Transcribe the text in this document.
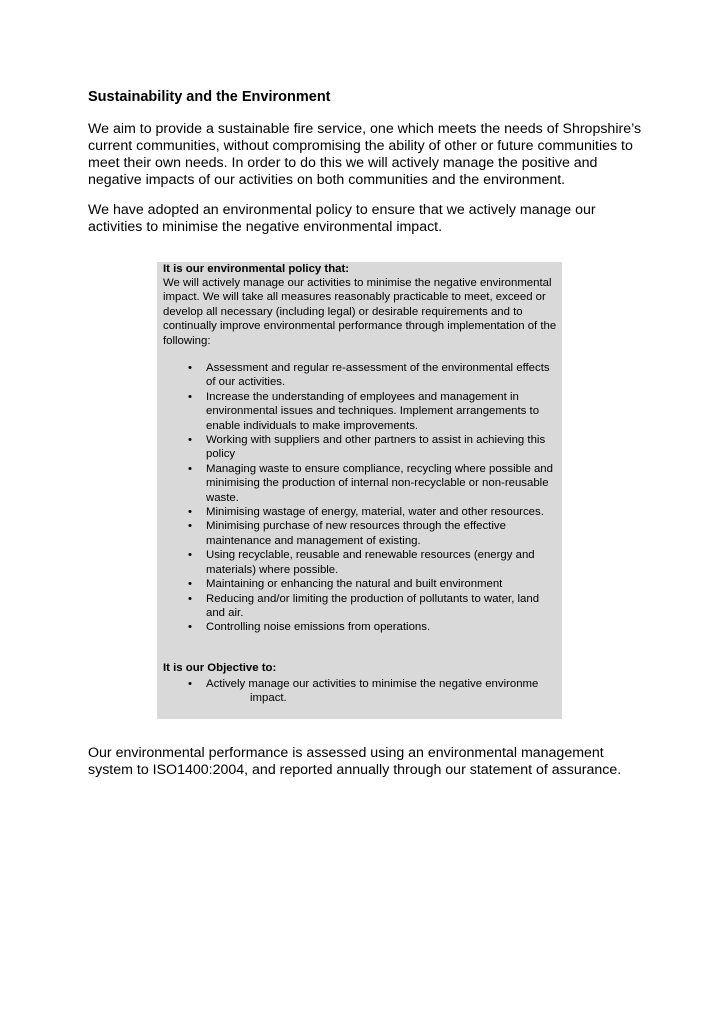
Sustainability and the Environment

We aim to provide a sustainable fire service, one which meets the needs of Shropshire’s current communities, without compromising the ability of other or future communities to meet their own needs. In order to do this we will actively manage the positive and negative impacts of our activities on both communities and the environment.

We have adopted an environmental policy to ensure that we actively manage our activities to minimise the negative environmental impact.

It is our environmental policy that:

We will actively manage our activities to minimise the negative environmental impact. We will take all measures reasonably practicable to meet, exceed or develop all necessary (including legal) or desirable requirements and to continually improve environmental performance through implementation of the following:

• Assessment and regular re-assessment of the environmental effects of our activities.
• Increase the understanding of employees and management in environmental issues and techniques. Implement arrangements to enable individuals to make improvements.
• Working with suppliers and other partners to assist in achieving this policy
• Managing waste to ensure compliance, recycling where possible and minimising the production of internal non-recyclable or non-reusable waste.
• Minimising wastage of energy, material, water and other resources.
• Minimising purchase of new resources through the effective maintenance and management of existing.
• Using recyclable, reusable and renewable resources (energy and materials) where possible.
• Maintaining or enhancing the natural and built environment
• Reducing and/or limiting the production of pollutants to water, land and air.
• Controlling noise emissions from operations.

It is our Objective to:

• Actively manage our activities to minimise the negative environme
impact.

Our environmental performance is assessed using an environmental management system to ISO1400:2004, and reported annually through our statement of assurance.
